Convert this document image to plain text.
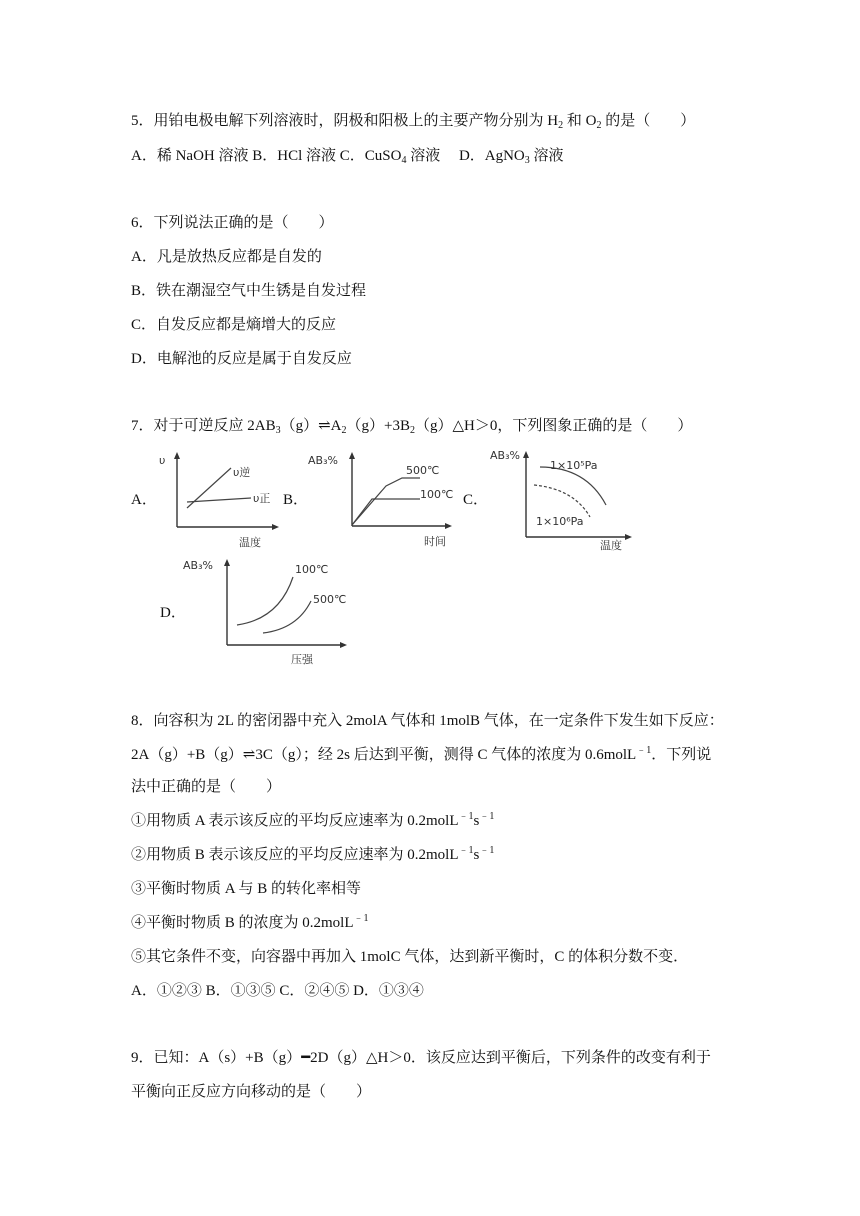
5．用铂电极电解下列溶液时，阴极和阳极上的主要产物分别为 $H_2$ 和 $O_2$ 的是（　　）
A．稀 NaOH 溶液 B．HCl 溶液 C．CuSO$_4$ 溶液 　D．AgNO$_3$ 溶液
6．下列说法正确的是（　　）
A．凡是放热反应都是自发的
B．铁在潮湿空气中生锈是自发过程
C．自发反应都是熵增大的反应
D．电解池的反应是属于自发反应
7．对于可逆反应 $2AB_3(g)\rightleftharpoons A_2(g)+3B_2(g)\triangle H>0$，下列图象正确的是（　　）
A．
υ
温度
υ逆
υ正 B．
AB₃%
时间
500℃
100℃ C．
AB₃%
温度
1×10⁵Pa
1×10⁶Pa
D．
AB₃%
压强
100℃
500℃
8．向容积为 2L 的密闭器中充入 2molA 气体和 1molB 气体，在一定条件下发生如下反应：
2A（g）+B（g）⇌3C（g）；经 2s 后达到平衡，测得 C 气体的浓度为 0.6molL$^{﹣1}$．下列说
法中正确的是（　　）
①用物质 A 表示该反应的平均反应速率为 $0.2molL^{﹣1}s^{﹣1}$
②用物质 B 表示该反应的平均反应速率为 $0.2molL^{﹣1}s^{﹣1}$
③平衡时物质 A 与 B 的转化率相等
④平衡时物质 B 的浓度为 0.2molL$^{﹣1}$
⑤其它条件不变，向容器中再加入 1molC 气体，达到新平衡时，C 的体积分数不变．
A．①②③ B．①③⑤ C．②④⑤ D．①③④
9．已知：A（s）+B（g）━2D（g）△H＞0．该反应达到平衡后，下列条件的改变有利于
平衡向正反应方向移动的是（　　）
